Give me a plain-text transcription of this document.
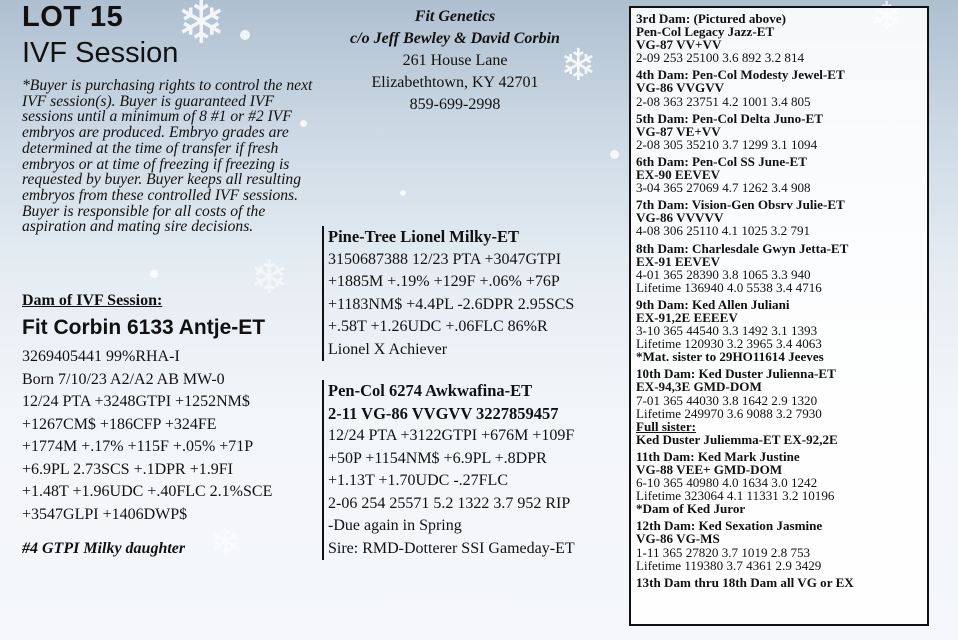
❄
❄
❄
❄
LOT 15
IVF Session
*Buyer is purchasing rights to control the next IVF session(s). Buyer is guaranteed IVF sessions until a minimum of 8 #1 or #2 IVF embryos are produced. Embryo grades are determined at the time of transfer if fresh embryos or at time of freezing if freezing is requested by buyer. Buyer keeps all resulting embryos from these controlled IVF sessions. Buyer is responsible for all costs of the aspiration and mating sire decisions.
Fit Genetics
c/o Jeff Bewley & David Corbin
261 House Lane
Elizabethtown, KY 42701
859-699-2998
Dam of IVF Session:
Fit Corbin 6133 Antje-ET
3269405441 99%RHA-I
Born 7/10/23 A2/A2 AB MW-0
12/24 PTA +3248GTPI +1252NM$
+1267CM$ +186CFP +324FE
+1774M +.17% +115F +.05% +71P
+6.9PL 2.73SCS +.1DPR +1.9FI
+1.48T +1.96UDC +.40FLC 2.1%SCE
+3547GLPI +1406DWP$
#4 GTPI Milky daughter
Pine-Tree Lionel Milky-ET
3150687388 12/23 PTA +3047GTPI
+1885M +.19% +129F +.06% +76P
+1183NM$ +4.4PL -2.6DPR 2.95SCS
+.58T +1.26UDC +.06FLC 86%R
Lionel X Achiever
Pen-Col 6274 Awkwafina-ET
2-11 VG-86 VVGVV 3227859457
12/24 PTA +3122GTPI +676M +109F
+50P +1154NM$ +6.9PL +.8DPR
+1.13T +1.70UDC -.27FLC
2-06 254 25571 5.2 1322 3.7 952 RIP
-Due again in Spring
Sire: RMD-Dotterer SSI Gameday-ET
3rd Dam: (Pictured above)
Pen-Col Legacy Jazz-ET
VG-87 VV+VV
2-09 253 25100 3.6 892 3.2 814
4th Dam: Pen-Col Modesty Jewel-ET
VG-86 VVGVV
2-08 363 23751 4.2 1001 3.4 805
5th Dam: Pen-Col Delta Juno-ET
VG-87 VE+VV
2-08 305 35210 3.7 1299 3.1 1094
6th Dam: Pen-Col SS June-ET
EX-90 EEVEV
3-04 365 27069 4.7 1262 3.4 908
7th Dam: Vision-Gen Obsrv Julie-ET
VG-86 VVVVV
4-08 306 25110 4.1 1025 3.2 791
8th Dam: Charlesdale Gwyn Jetta-ET
EX-91 EEVEV
4-01 365 28390 3.8 1065 3.3 940
Lifetime 136940 4.0 5538 3.4 4716
9th Dam: Ked Allen Juliani
EX-91,2E EEEEV
3-10 365 44540 3.3 1492 3.1 1393
Lifetime 120930 3.2 3965 3.4 4063
*Mat. sister to 29HO11614 Jeeves
10th Dam: Ked Duster Julienna-ET
EX-94,3E GMD-DOM
7-01 365 44030 3.8 1642 2.9 1320
Lifetime 249970 3.6 9088 3.2 7930
Full sister:
Ked Duster Juliemma-ET EX-92,2E
11th Dam: Ked Mark Justine
VG-88 VEE+ GMD-DOM
6-10 365 40980 4.0 1634 3.0 1242
Lifetime 323064 4.1 11331 3.2 10196
*Dam of Ked Juror
12th Dam: Ked Sexation Jasmine
VG-86 VG-MS
1-11 365 27820 3.7 1019 2.8 753
Lifetime 119380 3.7 4361 2.9 3429
13th Dam thru 18th Dam all VG or EX
